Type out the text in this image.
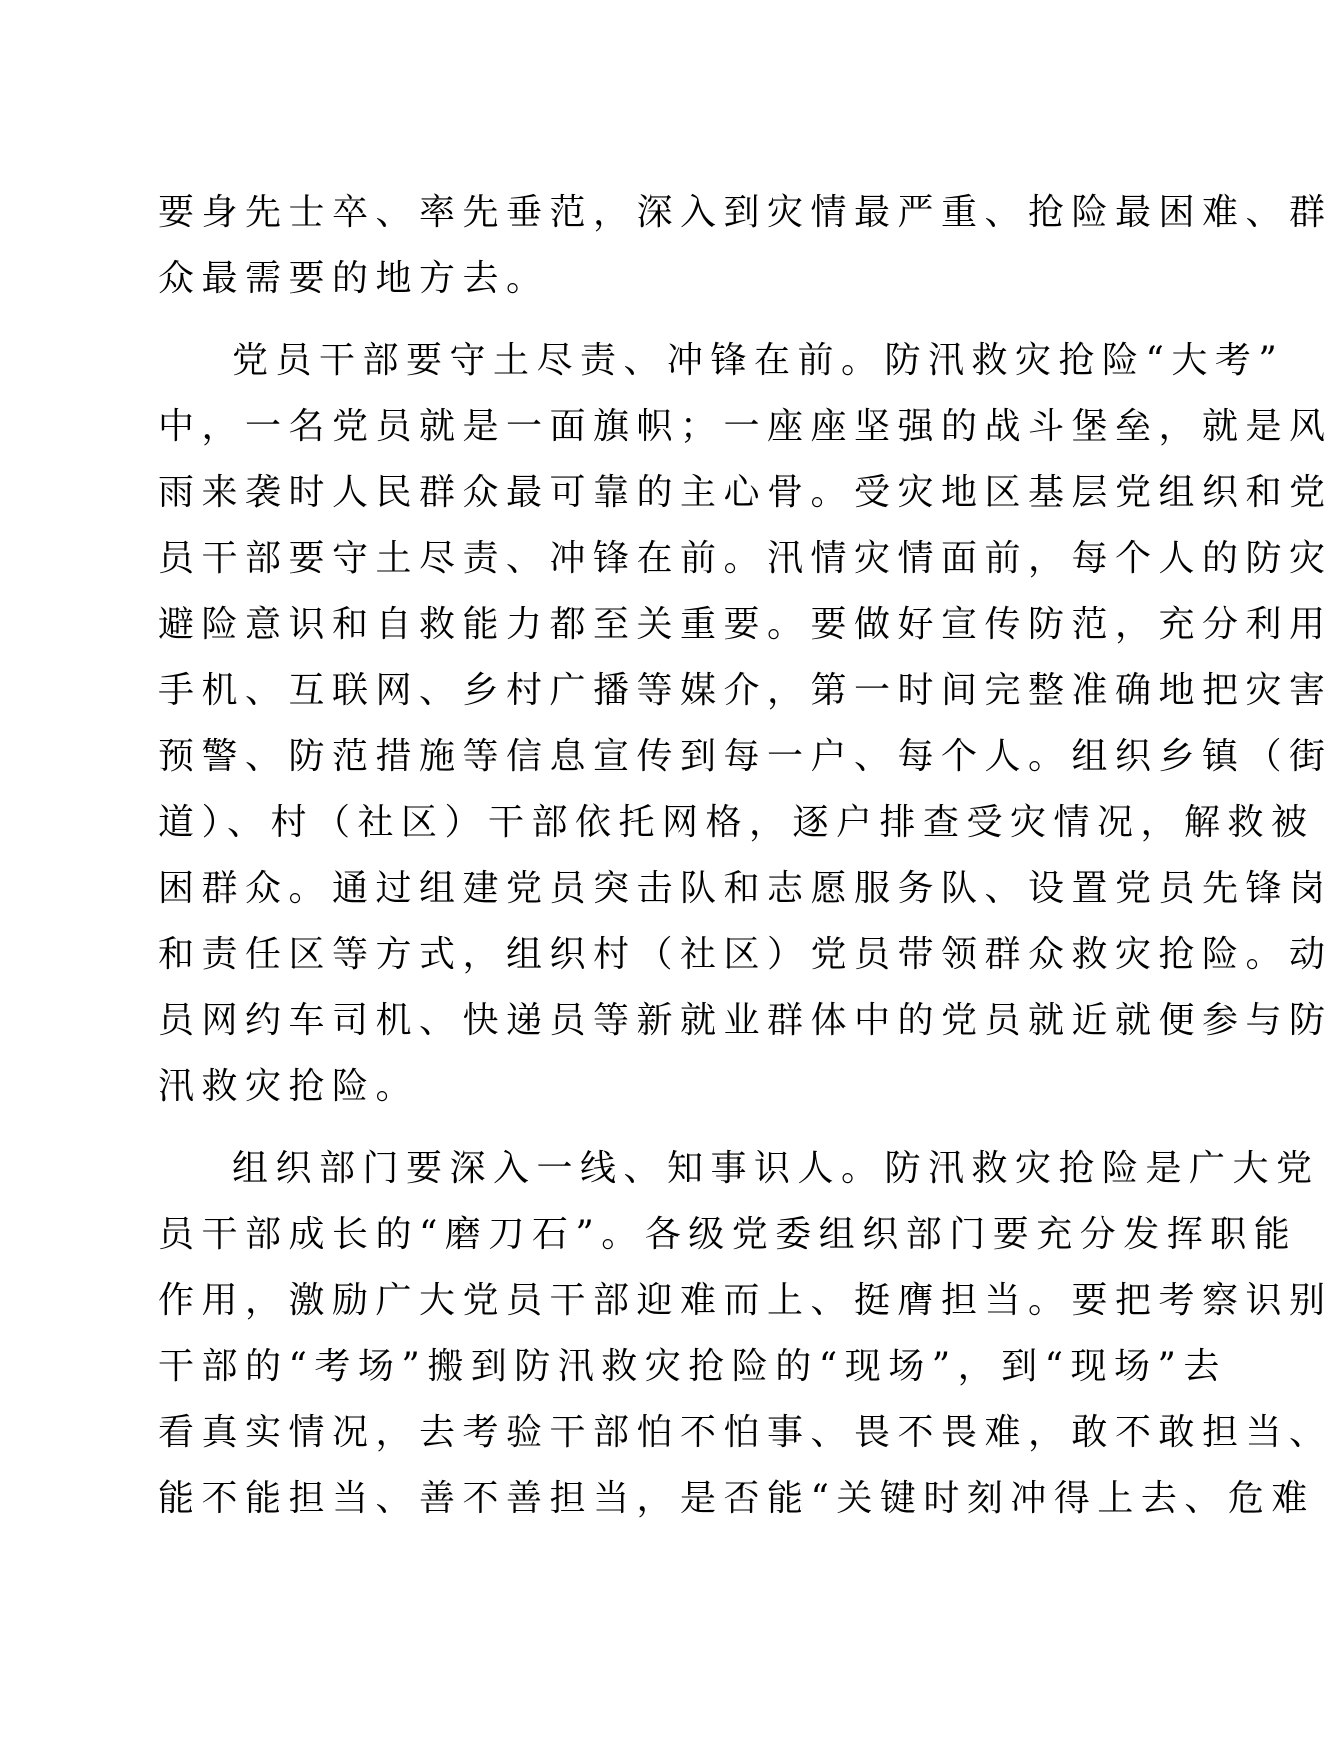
要身先士卒、率先垂范，深入到灾情最严重、抢险最困难、群
众最需要的地方去。
党员干部要守土尽责、冲锋在前。防汛救灾抢险“大考”
中，一名党员就是一面旗帜；一座座坚强的战斗堡垒，就是风
雨来袭时人民群众最可靠的主心骨。受灾地区基层党组织和党
员干部要守土尽责、冲锋在前。汛情灾情面前，每个人的防灾
避险意识和自救能力都至关重要。要做好宣传防范，充分利用
手机、互联网、乡村广播等媒介，第一时间完整准确地把灾害
预警、防范措施等信息宣传到每一户、每个人。组织乡镇（街
道）、村（社区）干部依托网格，逐户排查受灾情况，解救被
困群众。通过组建党员突击队和志愿服务队、设置党员先锋岗
和责任区等方式，组织村（社区）党员带领群众救灾抢险。动
员网约车司机、快递员等新就业群体中的党员就近就便参与防
汛救灾抢险。
组织部门要深入一线、知事识人。防汛救灾抢险是广大党
员干部成长的“磨刀石”。各级党委组织部门要充分发挥职能
作用，激励广大党员干部迎难而上、挺膺担当。要把考察识别
干部的“考场”搬到防汛救灾抢险的“现场”，到“现场”去
看真实情况，去考验干部怕不怕事、畏不畏难，敢不敢担当、
能不能担当、善不善担当，是否能“关键时刻冲得上去、危难
